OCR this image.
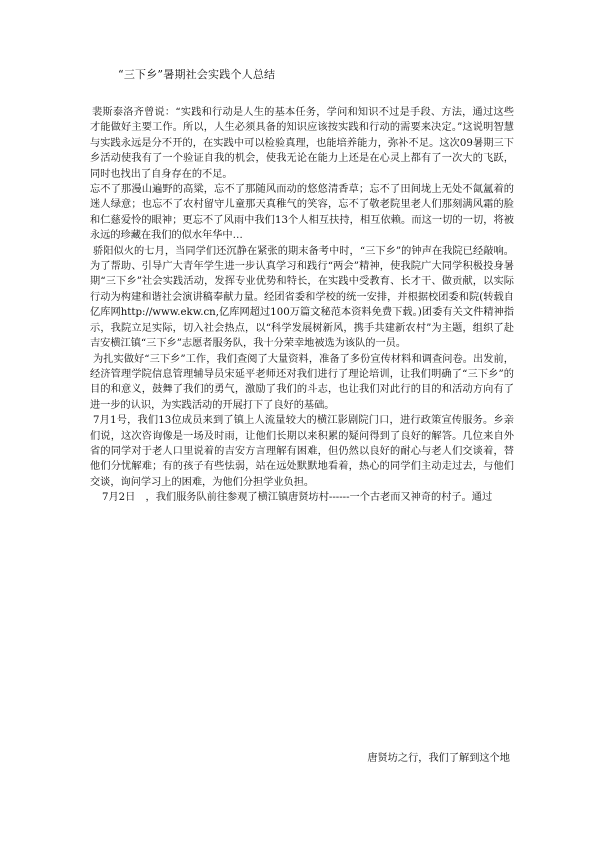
“三下乡”暑期社会实践个人总结

裴斯泰洛齐曾说：“实践和行动是人生的基本任务，学问和知识不过是手段、方法，通过这些才能做好主要工作。所以，人生必须具备的知识应该按实践和行动的需要来决定。”这说明智慧与实践永远是分不开的，在实践中可以检验真理，也能培养能力，弥补不足。这次09暑期三下乡活动使我有了一个验证自我的机会，使我无论在能力上还是在心灵上都有了一次大的飞跃，同时也找出了自身存在的不足。

忘不了那漫山遍野的高粱，忘不了那随风而动的悠悠清香草；忘不了田间垅上无处不氤氲着的迷人绿意；也忘不了农村留守儿童那天真稚气的笑容，忘不了敬老院里老人们那刻满风霜的脸和仁慈爱怜的眼神；更忘不了风雨中我们13个人相互扶持，相互依赖。而这一切的一切，将被永远的珍藏在我们的似水年华中…

骄阳似火的七月，当同学们还沉静在紧张的期末备考中时，“三下乡”的钟声在我院已经敲响。为了帮助、引导广大青年学生进一步认真学习和践行“两会”精神，使我院广大同学积极投身暑期“三下乡”社会实践活动，发挥专业优势和特长，在实践中受教育、长才干、做贡献，以实际行动为构建和谐社会演讲稿奉献力量。经团省委和学校的统一安排，并根据校团委和院(转载自亿库网http://www.ekw.cn,亿库网超过100万篇文秘范本资料免费下载。)团委有关文件精神指示，我院立足实际，切入社会热点，以“科学发展树新风，携手共建新农村”为主题，组织了赴吉安横江镇“三下乡”志愿者服务队，我十分荣幸地被选为该队的一员。

为扎实做好“三下乡”工作，我们查阅了大量资料，准备了多份宣传材料和调查问卷。出发前，经济管理学院信息管理辅导员宋延平老师还对我们进行了理论培训，让我们明确了“三下乡”的目的和意义，鼓舞了我们的勇气，激励了我们的斗志，也让我们对此行的目的和活动方向有了进一步的认识，为实践活动的开展打下了良好的基础。

7月1号，我们13位成员来到了镇上人流量较大的横江影剧院门口，进行政策宣传服务。乡亲们说，这次咨询像是一场及时雨，让他们长期以来积累的疑问得到了良好的解答。几位来自外省的同学对于老人口里说着的吉安方言理解有困难，但仍然以良好的耐心与老人们交谈着，替他们分忧解难；有的孩子有些怯弱，站在远处默默地看着，热心的同学们主动走过去，与他们交谈，询问学习上的困难，为他们分担学业负担。

7月2日　，我们服务队前往参观了横江镇唐贤坊村------一个古老而又神奇的村子。通过

唐贤坊之行，我们了解到这个地
